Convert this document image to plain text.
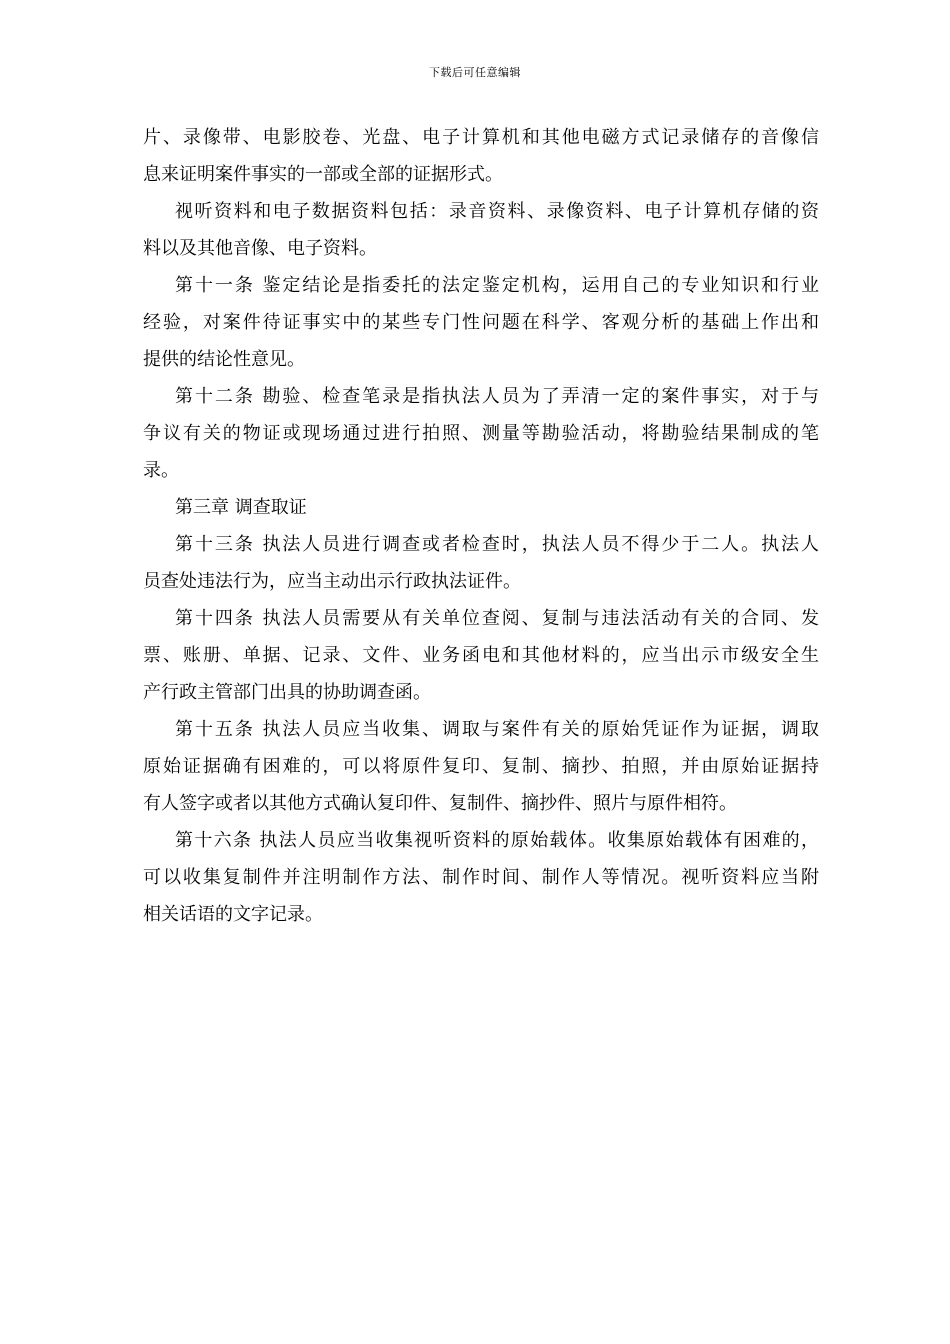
下载后可任意编辑
片、录像带、电影胶卷、光盘、电子计算机和其他电磁方式记录储存的音像信
息来证明案件事实的一部或全部的证据形式。
视听资料和电子数据资料包括：录音资料、录像资料、电子计算机存储的资
料以及其他音像、电子资料。
第十一条 鉴定结论是指委托的法定鉴定机构，运用自己的专业知识和行业
经验，对案件待证事实中的某些专门性问题在科学、客观分析的基础上作出和
提供的结论性意见。
第十二条 勘验、检查笔录是指执法人员为了弄清一定的案件事实，对于与
争议有关的物证或现场通过进行拍照、测量等勘验活动，将勘验结果制成的笔
录。
第三章 调查取证
第十三条 执法人员进行调查或者检查时，执法人员不得少于二人。执法人
员查处违法行为，应当主动出示行政执法证件。
第十四条 执法人员需要从有关单位查阅、复制与违法活动有关的合同、发
票、账册、单据、记录、文件、业务函电和其他材料的，应当出示市级安全生
产行政主管部门出具的协助调查函。
第十五条 执法人员应当收集、调取与案件有关的原始凭证作为证据，调取
原始证据确有困难的，可以将原件复印、复制、摘抄、拍照，并由原始证据持
有人签字或者以其他方式确认复印件、复制件、摘抄件、照片与原件相符。
第十六条 执法人员应当收集视听资料的原始载体。收集原始载体有困难的，
可以收集复制件并注明制作方法、制作时间、制作人等情况。视听资料应当附
相关话语的文字记录。
